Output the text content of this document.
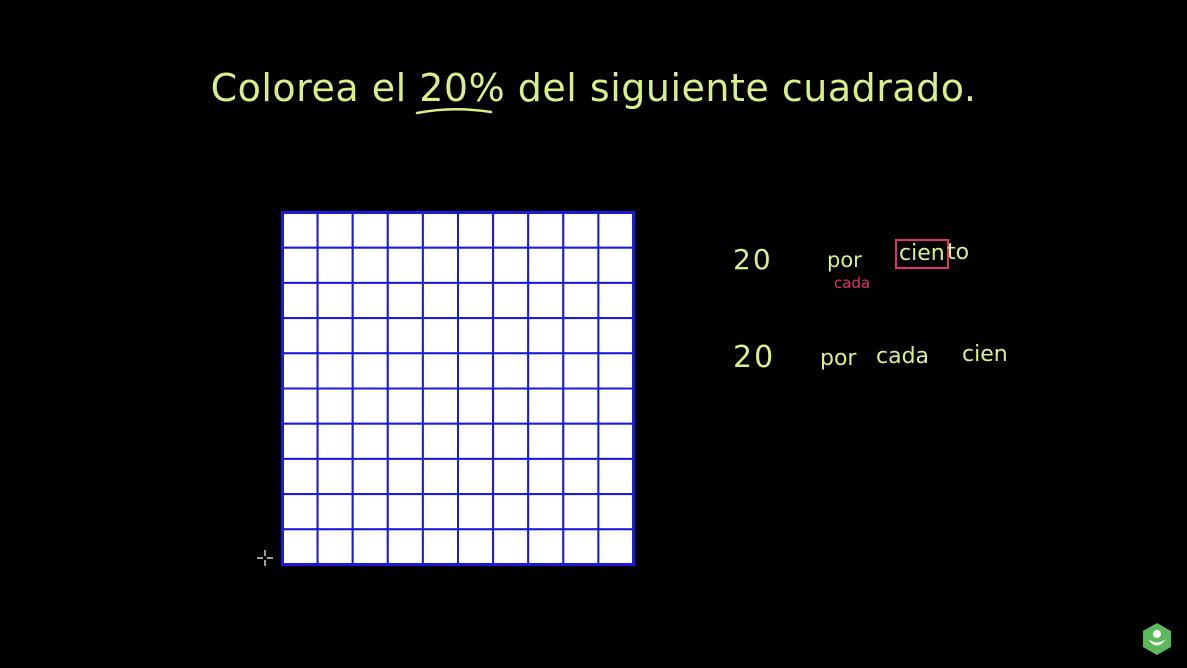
Colorea el 20%
del siguiente cuadrado.
20	por
cada
cien to
20 por cada cien
